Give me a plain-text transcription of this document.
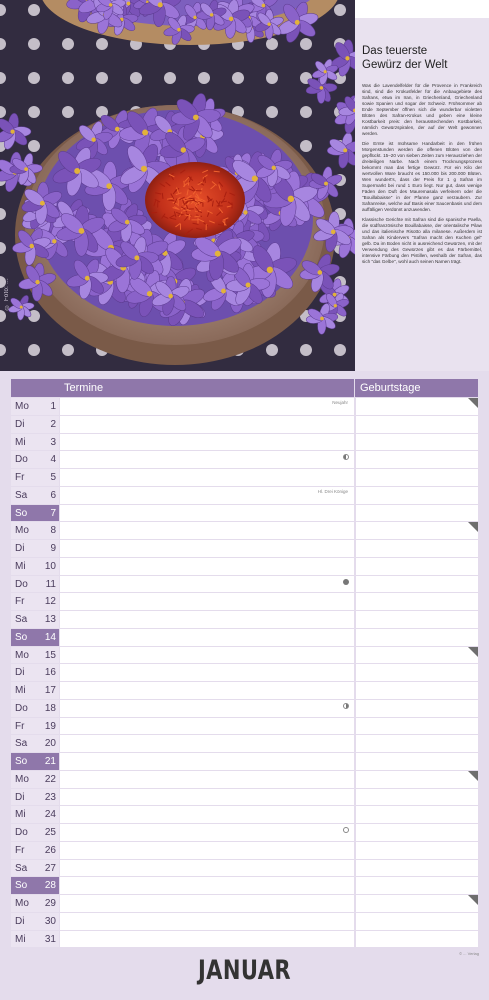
© Foto: ...
Das teuerste
Gewürz der Welt

Was die Lavendelfelder für die Provence in Frankreich sind, sind die Krokusfelder für die Anbaugebiete des Safrans, etwa im Iran, in Griechenland, Griechenland sowie Spanien und sogar der Schweiz. Frühsommer ab Ende September öffnen sich die wunderbar violetten Blüten des Safran-Krokus und geben eine kleine Kostbarkeit preis: den herausstechenden Kostbarkeit, nämlich Gewürzspiralen, der auf der Welt gewonnen werden.

Die Ernte ist mühsame Handarbeit in den frühen Morgenstunden werden die offenen Blüten von den gepflückt. 15–20 von sieben Zeiten zum Herausziehen der dreiteiligen Narbe. Nach einem Trocknungsprozess bekommt man das fertige Gewürz. Für ein Kilo der wertvollen Ware braucht es 150.000 bis 200.000 Blüten. Wen wundert's, dass der Preis für 1 g Safran im Supermarkt bei rund 1 Euro liegt. Nur gut, dass wenige Fäden den Duft des Mauremasala verfeinern oder die "Bouillabaisse" in der Pfanne ganz verzaubern. Zur Safranreise, welche auf Basis einer Saucenbasis und dem auffälligen Verdünnt anzuwenden.

Klassische Gerichte mit Safran sind die spanische Paella, die südfranzösische Bouillabaisse, der orientalische Pilaw und das italienische Risotto alla milanese. Außerdem ist Safran als Kindervers "Safran macht den Kuchen gel" gelb. Da im Boden nicht in ausreichend Gewürzen, mit der Verwendung des Gewürzes gibt es das Färbemittel, intensive Färbung den Pistillen, weshalb der Safran, das sich "das Gelbe", wohl auch seinen Namen trägt.

Termine	Geburtstage
Mo	1	Neujahr
Di	2
Mi	3
Do	4
Fr	5
Sa	6	Hl. Drei Könige
So	7
Mo	8
Di	9
Mi	10
Do	11
Fr	12
Sa	13
So	14
Mo	15
Di	16
Mi	17
Do	18
Fr	19
Sa	20
So	21
Mo	22
Di	23
Mi	24
Do	25
Fr	26
Sa	27
So	28
Mo	29
Di	30
Mi	31
© ... Verlag
JANUAR
